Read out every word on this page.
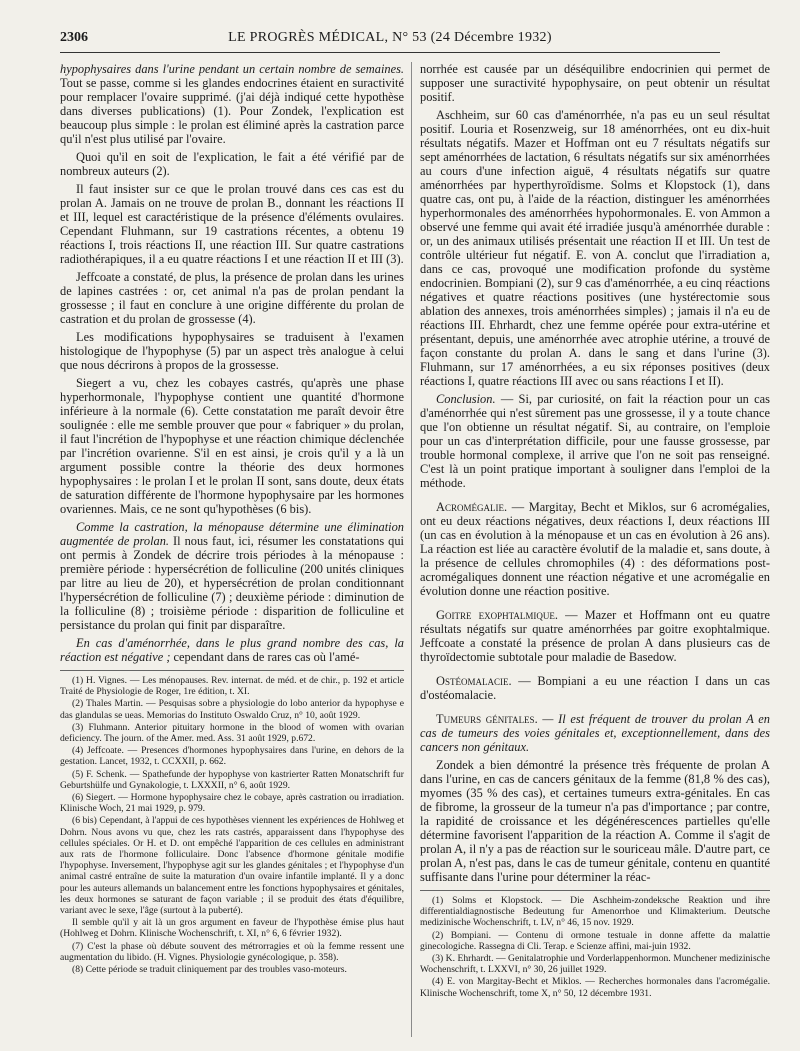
2306	LE PROGRÈS MÉDICAL, N° 53 (24 Décembre 1932)

hypophysaires dans l'urine pendant un certain nombre de semaines. Tout se passe, comme si les glandes endocrines étaient en suractivité pour remplacer l'ovaire supprimé. (j'ai déjà indiqué cette hypothèse dans diverses publications) (1). Pour Zondek, l'explication est beaucoup plus simple : le prolan est éliminé après la castration parce qu'il n'est plus utilisé par l'ovaire.

Quoi qu'il en soit de l'explication, le fait a été vérifié par de nombreux auteurs (2).

Il faut insister sur ce que le prolan trouvé dans ces cas est du prolan A. Jamais on ne trouve de prolan B., donnant les réactions II et III, lequel est caractéristique de la présence d'éléments ovulaires. Cependant Fluhmann, sur 19 castrations récentes, a obtenu 19 réactions I, trois réactions II, une réaction III. Sur quatre castrations radiothérapiques, il a eu quatre réactions I et une réaction II et III (3).

Jeffcoate a constaté, de plus, la présence de prolan dans les urines de lapines castrées : or, cet animal n'a pas de prolan pendant la grossesse ; il faut en conclure à une origine différente du prolan de castration et du prolan de grossesse (4).

Les modifications hypophysaires se traduisent à l'examen histologique de l'hypophyse (5) par un aspect très analogue à celui que nous décrirons à propos de la grossesse.

Siegert a vu, chez les cobayes castrés, qu'après une phase hyperhormonale, l'hypophyse contient une quantité d'hormone inférieure à la normale (6). Cette constatation me paraît devoir être soulignée : elle me semble prouver que pour « fabriquer » du prolan, il faut l'incrétion de l'hypophyse et une réaction chimique déclenchée par l'incrétion ovarienne. S'il en est ainsi, je crois qu'il y a là un argument possible contre la théorie des deux hormones hypophysaires : le prolan I et le prolan II sont, sans doute, deux états de saturation différente de l'hormone hypophysaire par les hormones ovariennes. Mais, ce ne sont qu'hypothèses (6 bis).

Comme la castration, la ménopause détermine une élimination augmentée de prolan. Il nous faut, ici, résumer les constatations qui ont permis à Zondek de décrire trois périodes à la ménopause : première période : hypersécrétion de folliculine (200 unités cliniques par litre au lieu de 20), et hypersécrétion de prolan conditionnant l'hypersécrétion de folliculine (7) ; deuxième période : diminution de la folliculine (8) ; troisième période : disparition de folliculine et persistance du prolan qui finit par disparaître.

En cas d'aménorrhée, dans le plus grand nombre des cas, la réaction est négative ; cependant dans de rares cas où l'amé-

(1) H. Vignes. — Les ménopauses. Rev. internat. de méd. et de chir., p. 192 et article Traité de Physiologie de Roger, 1re édition, t. XI.

(2) Thales Martin. — Pesquisas sobre a physiologie do lobo anterior da hypophyse e das glandulas se ueas. Memorias do Instituto Oswaldo Cruz, n° 10, août 1929.

(3) Fluhmann. Anterior pituitary hormone in the blood of women with ovarian deficiency. The journ. of the Amer. med. Ass. 31 août 1929, p.672.

(4) Jeffcoate. — Presences d'hormones hypophysaires dans l'urine, en dehors de la gestation. Lancet, 1932, t. CCXXII, p. 662.

(5) F. Schenk. — Spathefunde der hypophyse von kastrierter Ratten Monatschrift fur Geburtshülfe und Gynakologie, t. LXXXII, n° 6, août 1929.

(6) Siegert. — Hormone hypophysaire chez le cobaye, après castration ou irradiation. Klinische Woch, 21 mai 1929, p. 979.

(6 bis) Cependant, à l'appui de ces hypothèses viennent les expériences de Hohlweg et Dohrn. Nous avons vu que, chez les rats castrés, apparaissent dans l'hypophyse des cellules spéciales. Or H. et D. ont empêché l'apparition de ces cellules en administrant aux rats de l'hormone folliculaire. Donc l'absence d'hormone génitale modifie l'hypophyse. Inversement, l'hypophyse agit sur les glandes génitales ; et l'hypophyse d'un animal castré entraîne de suite la maturation d'un ovaire infantile implanté. Il y a donc pour les auteurs allemands un balancement entre les fonctions hypophysaires et génitales, les deux hormones se saturant de façon variable ; il se produit des états d'équilibre, variant avec le sexe, l'âge (surtout à la puberté).

Il semble qu'il y ait là un gros argument en faveur de l'hypothèse émise plus haut (Hohlweg et Dohrn. Klinische Wochenschrift, t. XI, n° 6, 6 février 1932).

(7) C'est la phase où débute souvent des métrorragies et où la femme ressent une augmentation du libido. (H. Vignes. Physiologie gynécologique, p. 358).

(8) Cette période se traduit cliniquement par des troubles vaso-moteurs.

norrhée est causée par un déséquilibre endocrinien qui permet de supposer une suractivité hypophysaire, on peut obtenir un résultat positif.

Aschheim, sur 60 cas d'aménorrhée, n'a pas eu un seul résultat positif. Louria et Rosenzweig, sur 18 aménorrhées, ont eu dix-huit résultats négatifs. Mazer et Hoffman ont eu 7 résultats négatifs sur sept aménorrhées de lactation, 6 résultats négatifs sur six aménorrhées au cours d'une infection aiguë, 4 résultats négatifs sur quatre aménorrhées par hyperthyroïdisme. Solms et Klopstock (1), dans quatre cas, ont pu, à l'aide de la réaction, distinguer les aménorrhées hyperhormonales des aménorrhées hypohormonales. E. von Ammon a observé une femme qui avait été irradiée jusqu'à aménorrhée durable : or, un des animaux utilisés présentait une réaction II et III. Un test de contrôle ultérieur fut négatif. E. von A. conclut que l'irradiation a, dans ce cas, provoqué une modification profonde du système endocrinien. Bompiani (2), sur 9 cas d'aménorrhée, a eu cinq réactions négatives et quatre réactions positives (une hystérectomie sous ablation des annexes, trois aménorrhées simples) ; jamais il n'a eu de réactions III. Ehrhardt, chez une femme opérée pour extra-utérine et présentant, depuis, une aménorrhée avec atrophie utérine, a trouvé de façon constante du prolan A. dans le sang et dans l'urine (3). Fluhmann, sur 17 aménorrhées, a eu six réponses positives (deux réactions I, quatre réactions III avec ou sans réactions I et II).

Conclusion. — Si, par curiosité, on fait la réaction pour un cas d'aménorrhée qui n'est sûrement pas une grossesse, il y a toute chance que l'on obtienne un résultat négatif. Si, au contraire, on l'emploie pour un cas d'interprétation difficile, pour une fausse grossesse, par trouble hormonal complexe, il arrive que l'on ne soit pas renseigné. C'est là un point pratique important à souligner dans l'emploi de la méthode.

Acromégalie. — Margitay, Becht et Miklos, sur 6 acromégalies, ont eu deux réactions négatives, deux réactions I, deux réactions III (un cas en évolution à la ménopause et un cas en évolution à 26 ans). La réaction est liée au caractère évolutif de la maladie et, sans doute, à la présence de cellules chromophiles (4) : des déformations post-acromégaliques donnent une réaction négative et une acromégalie en évolution donne une réaction positive.

Goitre exophtalmique. — Mazer et Hoffmann ont eu quatre résultats négatifs sur quatre aménorrhées par goitre exophtalmique. Jeffcoate a constaté la présence de prolan A dans plusieurs cas de thyroïdectomie subtotale pour maladie de Basedow.

Ostéomalacie. — Bompiani a eu une réaction I dans un cas d'ostéomalacie.

Tumeurs génitales. — Il est fréquent de trouver du prolan A en cas de tumeurs des voies génitales et, exceptionnellement, dans des cancers non génitaux.

Zondek a bien démontré la présence très fréquente de prolan A dans l'urine, en cas de cancers génitaux de la femme (81,8 % des cas), myomes (35 % des cas), et certaines tumeurs extra-génitales. En cas de fibrome, la grosseur de la tumeur n'a pas d'importance ; par contre, la rapidité de croissance et les dégénérescences partielles qu'elle détermine favorisent l'apparition de la réaction A. Comme il s'agit de prolan A, il n'y a pas de réaction sur le souriceau mâle. D'autre part, ce prolan A, n'est pas, dans le cas de tumeur génitale, contenu en quantité suffisante dans l'urine pour déterminer la réac-

(1) Solms et Klopstock. — Die Aschheim-zondeksche Reaktion und ihre differentialdiagnostische Bedeutung fur Amenorrhoe und Klimakterium. Deutsche medizinische Wochenschrift, t. LV, n° 46, 15 nov. 1929.

(2) Bompiani. — Contenu di ormone testuale in donne affette da malattie ginecologiche. Rassegna di Cli. Terap. e Scienze affini, mai-juin 1932.

(3) K. Ehrhardt. — Genitalatrophie und Vorderlappenhormon. Munchener medizinische Wochenschrift, t. LXXVI, n° 30, 26 juillet 1929.

(4) E. von Margitay-Becht et Miklos. — Recherches hormonales dans l'acromégalie. Klinische Wochenschrift, tome X, n° 50, 12 décembre 1931.
